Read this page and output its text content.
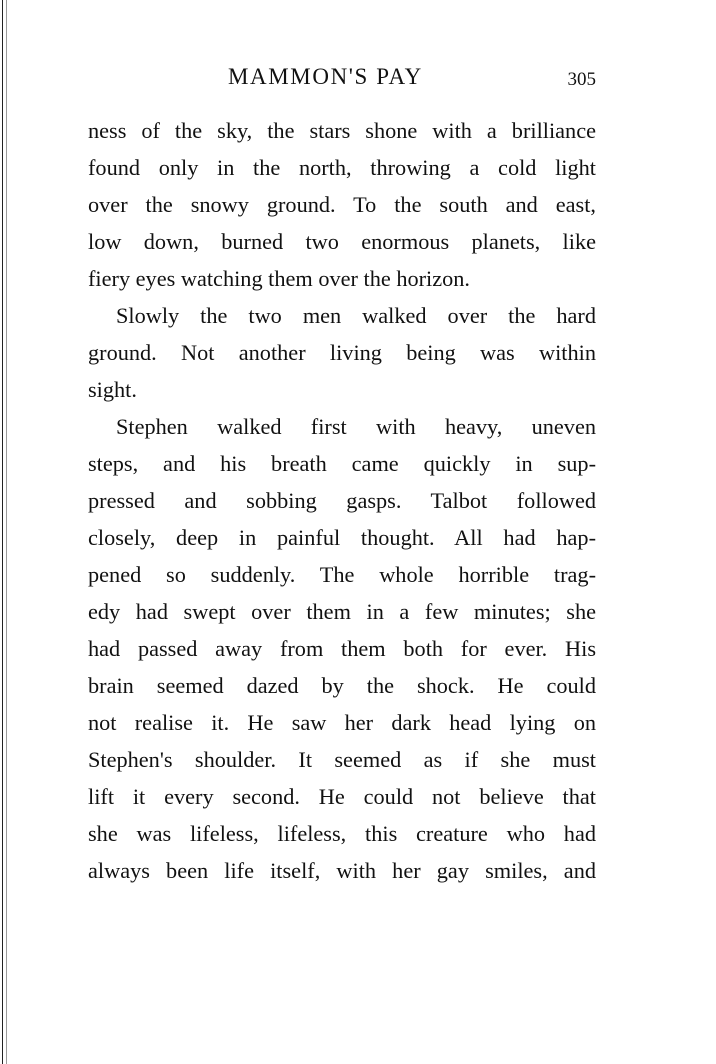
MAMMON'S PAY	305
ness of the sky, the stars shone with a brilliance
found only in the north, throwing a cold light
over the snowy ground. To the south and east,
low down, burned two enormous planets, like
fiery eyes watching them over the horizon.
Slowly the two men walked over the hard
ground. Not another living being was within
sight.
Stephen walked first with heavy, uneven
steps, and his breath came quickly in sup-
pressed and sobbing gasps. Talbot followed
closely, deep in painful thought. All had hap-
pened so suddenly. The whole horrible trag-
edy had swept over them in a few minutes; she
had passed away from them both for ever. His
brain seemed dazed by the shock. He could
not realise it. He saw her dark head lying on
Stephen's shoulder. It seemed as if she must
lift it every second. He could not believe that
she was lifeless, lifeless, this creature who had
always been life itself, with her gay smiles, and
